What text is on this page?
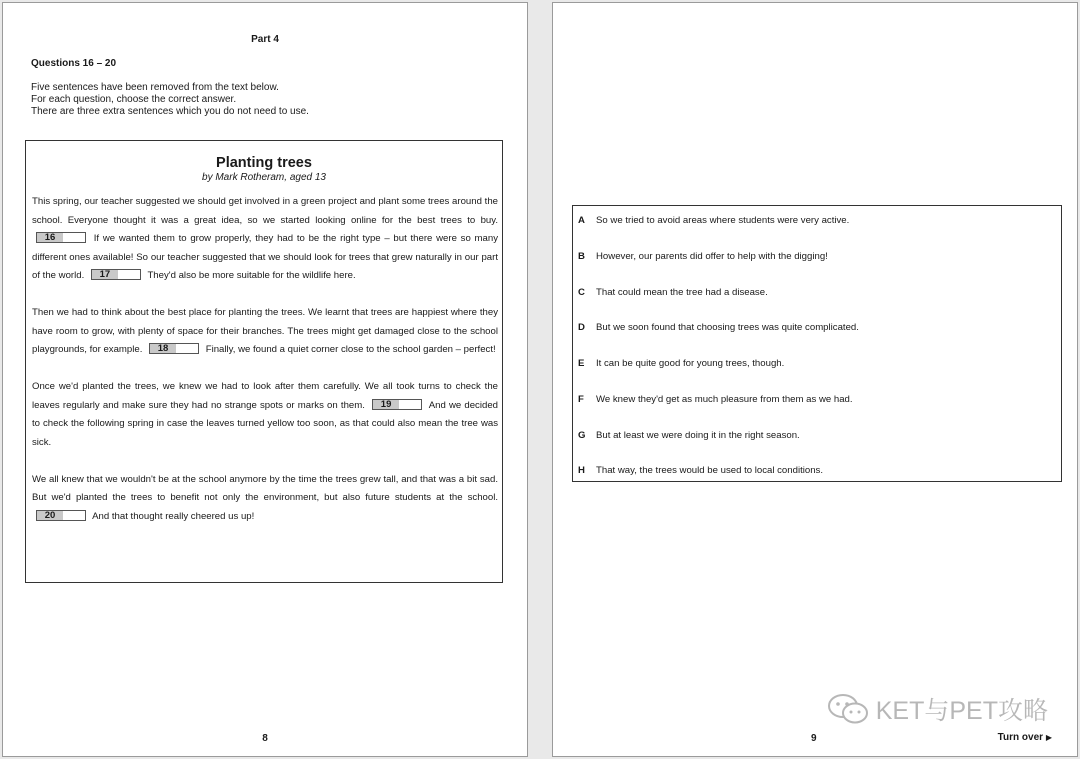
Part 4
Questions 16 – 20
Five sentences have been removed from the text below.
For each question, choose the correct answer.
There are three extra sentences which you do not need to use.
Planting trees
by Mark Rotheram, aged 13

This spring, our teacher suggested we should get involved in a green project and plant some trees around the school. Everyone thought it was a great idea, so we started looking online for the best trees to buy.
16	If we wanted them to grow properly, they had to be the right type – but there were so many different ones available! So our teacher suggested that we should look for trees that grew naturally in our part of the world.	17	They'd also be more suitable for the wildlife here.

Then we had to think about the best place for planting the trees. We learnt that trees are happiest where they have room to grow, with plenty of space for their branches. The trees might get damaged close to the school playgrounds, for example.	18	Finally, we found a quiet corner close to the school garden – perfect!

Once we'd planted the trees, we knew we had to look after them carefully. We all took turns to check the leaves regularly and make sure they had no strange spots or marks on them.	19	And we decided to check the following spring in case the leaves turned yellow too soon, as that could also mean the tree was sick.

We all knew that we wouldn't be at the school anymore by the time the trees grew tall, and that was a bit sad. But we'd planted the trees to benefit not only the environment, but also future students at the school.
20	And that thought really cheered us up!

8
A So we tried to avoid areas where students were very active.
B However, our parents did offer to help with the digging!
C That could mean the tree had a disease.
D But we soon found that choosing trees was quite complicated.
E It can be quite good for young trees, though.
F We knew they'd get as much pleasure from them as we had.
G But at least we were doing it in the right season.
H That way, the trees would be used to local conditions.
9	Turn over ▶
KET与PET攻略
